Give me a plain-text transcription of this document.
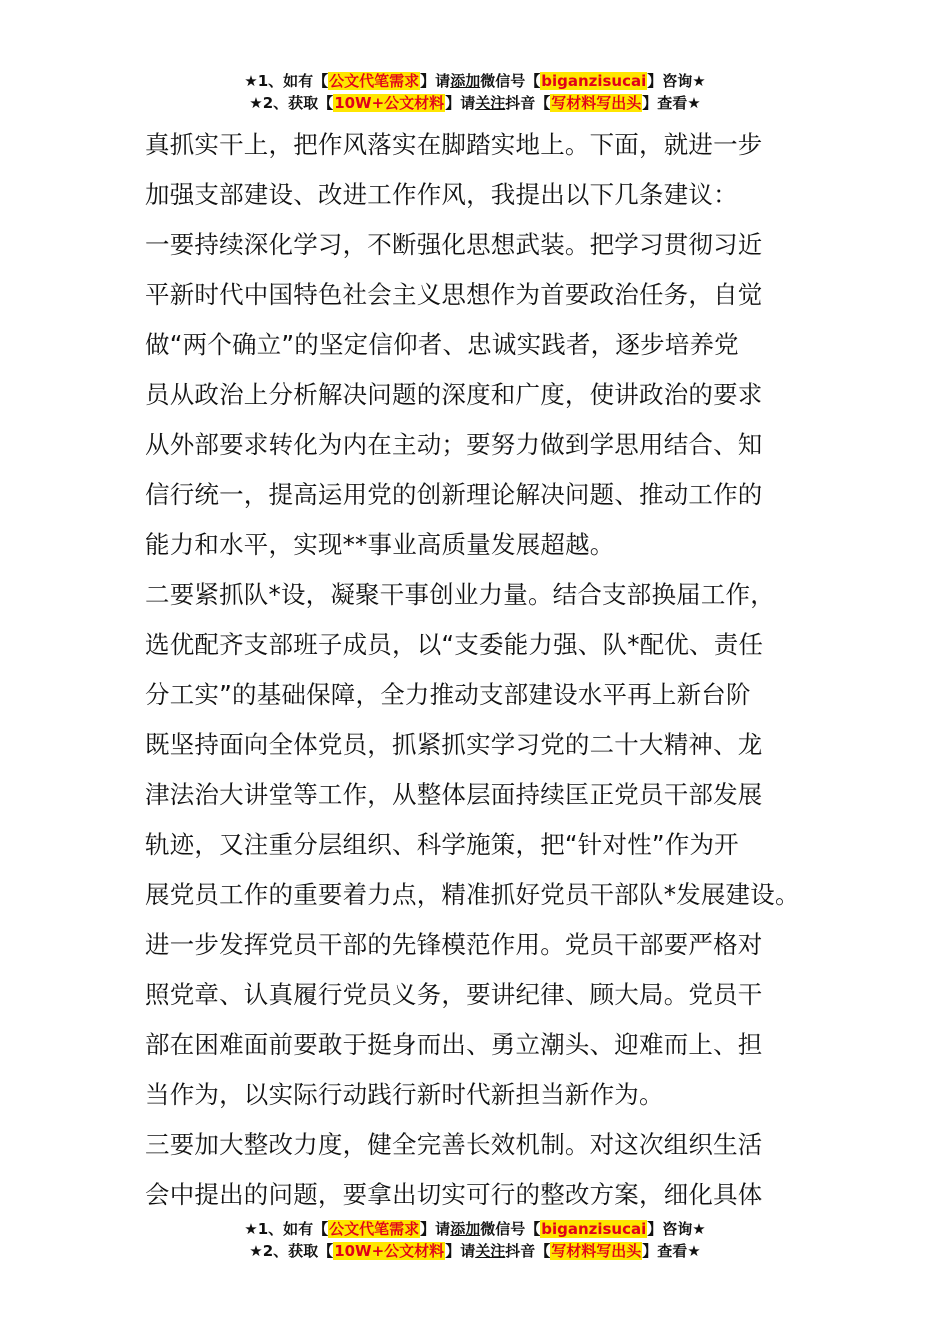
★1、如有【公文代笔需求】请添加微信号【biganzisucai】咨询★
★2、获取【10W+公文材料】请关注抖音【写材料写出头】查看★
真抓实干上，把作风落实在脚踏实地上。下面，就进一步
加强支部建设、改进工作作风，我提出以下几条建议：
一要持续深化学习，不断强化思想武装。把学习贯彻习近
平新时代中国特色社会主义思想作为首要政治任务，自觉
做“两个确立”的坚定信仰者、忠诚实践者，逐步培养党
员从政治上分析解决问题的深度和广度，使讲政治的要求
从外部要求转化为内在主动；要努力做到学思用结合、知
信行统一，提高运用党的创新理论解决问题、推动工作的
能力和水平，实现**事业高质量发展超越。
二要紧抓队*设，凝聚干事创业力量。结合支部换届工作，
选优配齐支部班子成员，以“支委能力强、队*配优、责任
分工实”的基础保障，全力推动支部建设水平再上新台阶
既坚持面向全体党员，抓紧抓实学习党的二十大精神、龙
津法治大讲堂等工作，从整体层面持续匡正党员干部发展
轨迹，又注重分层组织、科学施策，把“针对性”作为开
展党员工作的重要着力点，精准抓好党员干部队*发展建设。
进一步发挥党员干部的先锋模范作用。党员干部要严格对
照党章、认真履行党员义务，要讲纪律、顾大局。党员干
部在困难面前要敢于挺身而出、勇立潮头、迎难而上、担
当作为，以实际行动践行新时代新担当新作为。
三要加大整改力度，健全完善长效机制。对这次组织生活
会中提出的问题，要拿出切实可行的整改方案，细化具体
★1、如有【公文代笔需求】请添加微信号【biganzisucai】咨询★
★2、获取【10W+公文材料】请关注抖音【写材料写出头】查看★
